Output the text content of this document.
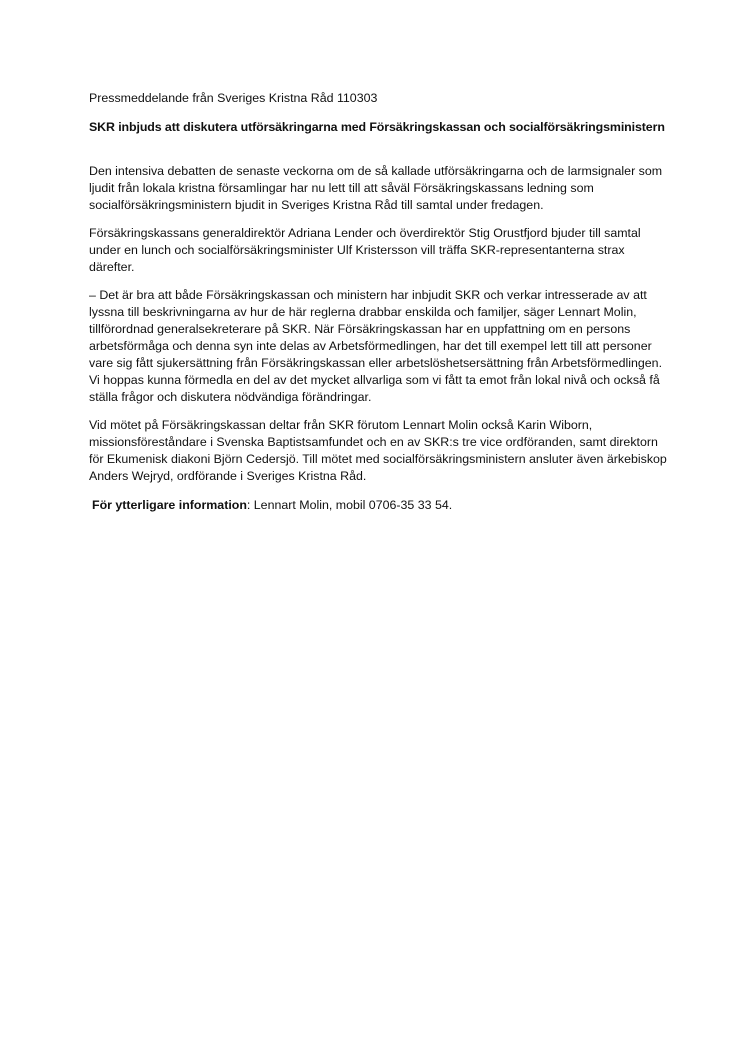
Pressmeddelande från Sveriges Kristna Råd 110303

SKR inbjuds att diskutera utförsäkringarna med Försäkringskassan och socialförsäkringsministern

Den intensiva debatten de senaste veckorna om de så kallade utförsäkringarna och de larmsignaler som ljudit från lokala kristna församlingar har nu lett till att såväl Försäkringskassans ledning som socialförsäkringsministern bjudit in Sveriges Kristna Råd till samtal under fredagen.

Försäkringskassans generaldirektör Adriana Lender och överdirektör Stig Orustfjord bjuder till samtal under en lunch och socialförsäkringsminister Ulf Kristersson vill träffa SKR-representanterna strax därefter.

– Det är bra att både Försäkringskassan och ministern har inbjudit SKR och verkar intresserade av att lyssna till beskrivningarna av hur de här reglerna drabbar enskilda och familjer, säger Lennart Molin, tillförordnad generalsekreterare på SKR. När Försäkringskassan har en uppfattning om en persons arbetsförmåga och denna syn inte delas av Arbetsförmedlingen, har det till exempel lett till att personer vare sig fått sjukersättning från Försäkringskassan eller arbetslöshetsersättning från Arbetsförmedlingen. Vi hoppas kunna förmedla en del av det mycket allvarliga som vi fått ta emot från lokal nivå och också få ställa frågor och diskutera nödvändiga förändringar.

Vid mötet på Försäkringskassan deltar från SKR förutom Lennart Molin också Karin Wiborn, missionsföreståndare i Svenska Baptistsamfundet och en av SKR:s tre vice ordföranden, samt direktorn för Ekumenisk diakoni Björn Cedersjö. Till mötet med socialförsäkringsministern ansluter även ärkebiskop Anders Wejryd, ordförande i Sveriges Kristna Råd.

För ytterligare information: Lennart Molin, mobil 0706-35 33 54.
